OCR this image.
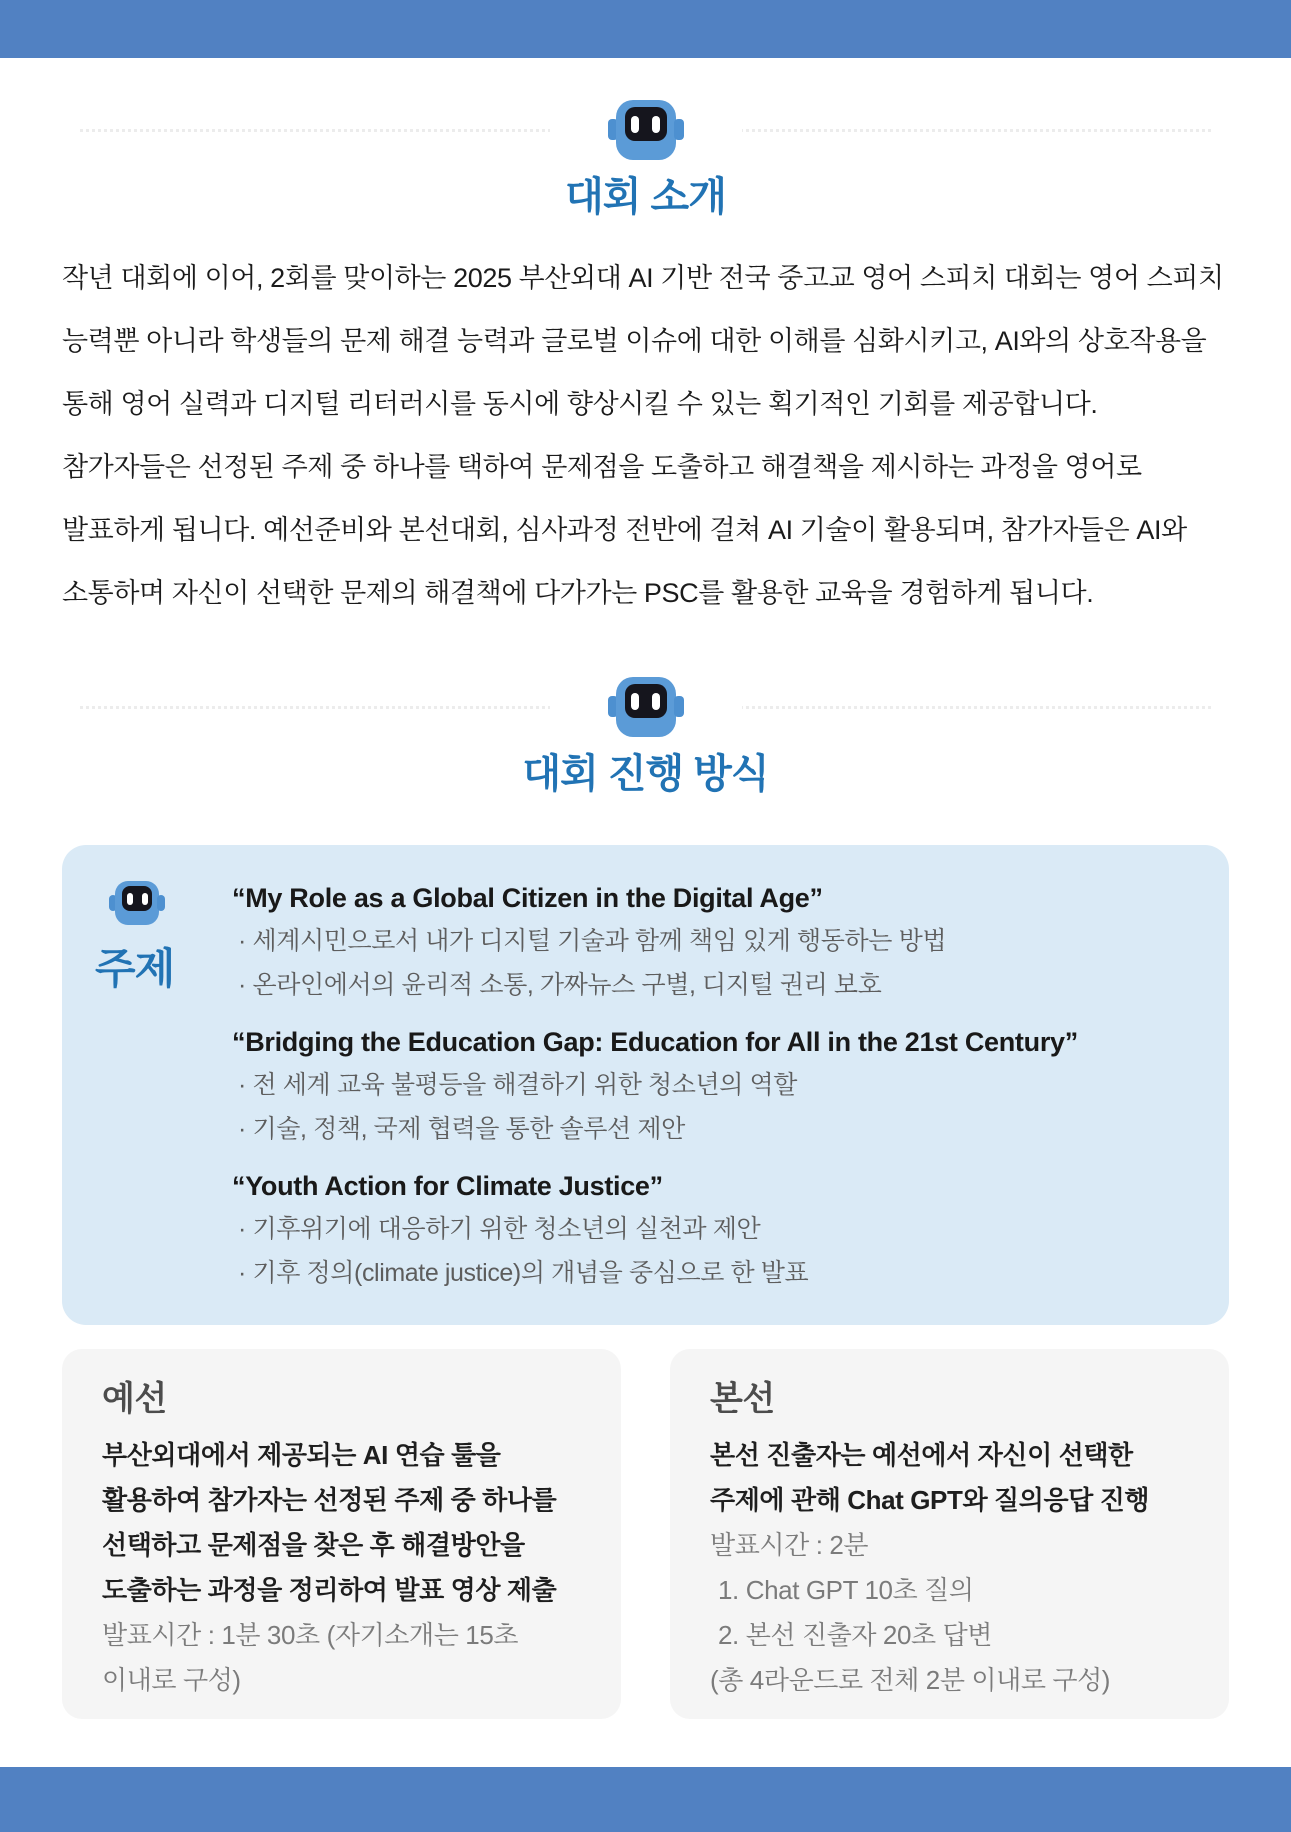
대회 소개

작년 대회에 이어, 2회를 맞이하는 2025 부산외대 AI 기반 전국 중고교 영어 스피치 대회는 영어 스피치 능력뿐 아니라 학생들의 문제 해결 능력과 글로벌 이슈에 대한 이해를 심화시키고, AI와의 상호작용을 통해 영어 실력과 디지털 리터러시를 동시에 향상시킬 수 있는 획기적인 기회를 제공합니다. 참가자들은 선정된 주제 중 하나를 택하여 문제점을 도출하고 해결책을 제시하는 과정을 영어로 발표하게 됩니다. 예선준비와 본선대회, 심사과정 전반에 걸쳐 AI 기술이 활용되며, 참가자들은 AI와 소통하며 자신이 선택한 문제의 해결책에 다가가는 PSC를 활용한 교육을 경험하게 됩니다.

대회 진행 방식
주제
“My Role as a Global Citizen in the Digital Age”
· 세계시민으로서 내가 디지털 기술과 함께 책임 있게 행동하는 방법
· 온라인에서의 윤리적 소통, 가짜뉴스 구별, 디지털 권리 보호
“Bridging the Education Gap: Education for All in the 21st Century”
· 전 세계 교육 불평등을 해결하기 위한 청소년의 역할
· 기술, 정책, 국제 협력을 통한 솔루션 제안
“Youth Action for Climate Justice”
· 기후위기에 대응하기 위한 청소년의 실천과 제안
· 기후 정의(climate justice)의 개념을 중심으로 한 발표
예선
부산외대에서 제공되는 AI 연습 툴을 활용하여 참가자는 선정된 주제 중 하나를 선택하고 문제점을 찾은 후 해결방안을 도출하는 과정을 정리하여 발표 영상 제출
발표시간 : 1분 30초 (자기소개는 15초 이내로 구성)
본선
본선 진출자는 예선에서 자신이 선택한 주제에 관해 Chat GPT와 질의응답 진행
발표시간 : 2분
1. Chat GPT 10초 질의
2. 본선 진출자 20초 답변
(총 4라운드로 전체 2분 이내로 구성)
